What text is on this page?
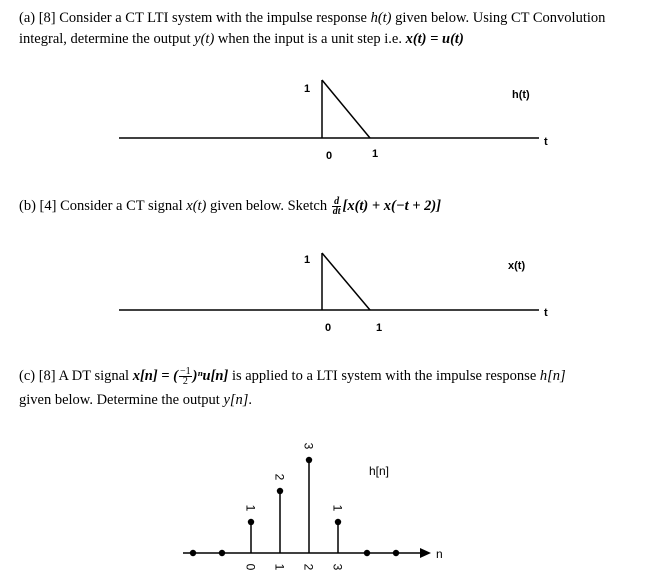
(a) [8] Consider a CT LTI system with the impulse response h(t) given below. Using CT Convolution
integral, determine the output y(t) when the input is a unit step i.e. x(t) = u(t)
1
0	1
h(t)
t
(b) [4] Consider a CT signal x(t) given below. Sketch $\frac{d}{dt} [x(t) + x(-t + 2)]$
1
0	1
x(t)
t
(c) [8] A DT signal x[n] = ( $\frac{-1}{2} )^nu[n]$ is applied to a LTI system with the impulse response h[n]
given below. Determine the output y[n].
h[n]
n
1
2
3
1
0 1 2 3
